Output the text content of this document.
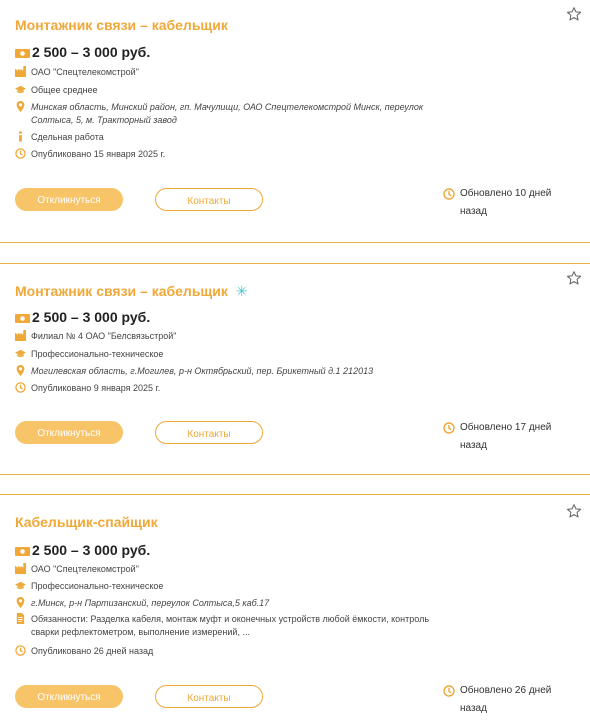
Монтажник связи – кабельщик
2 500 – 3 000 руб.
ОАО "Спецтелекомстрой"
Общее среднее
Минская область, Минский район, гп. Мачулищи, ОАО Спецтелекомстрой Минск, переулок Солтыса, 5, м. Тракторный завод
Сдельная работа
Опубликовано 15 января 2025 г.
Откликнуться	Контакты
Обновлено 10 дней назад
Монтажник связи – кабельщик ✳
2 500 – 3 000 руб.
Филиал № 4 ОАО "Белсвязьстрой"
Профессионально-техническое
Могилевская область, г.Могилев, р-н Октябрьский, пер. Брикетный д.1 212013
Опубликовано 9 января 2025 г.
Откликнуться	Контакты
Обновлено 17 дней назад
Кабельщик-спайщик
2 500 – 3 000 руб.
ОАО "Спецтелекомстрой"
Профессионально-техническое
г.Минск, р-н Партизанский, переулок Солтыса,5 каб.17
Обязанности: Разделка кабеля, монтаж муфт и оконечных устройств любой ёмкости, контроль сварки рефлектометром, выполнение измерений, ...
Опубликовано 26 дней назад
Откликнуться	Контакты
Обновлено 26 дней назад
